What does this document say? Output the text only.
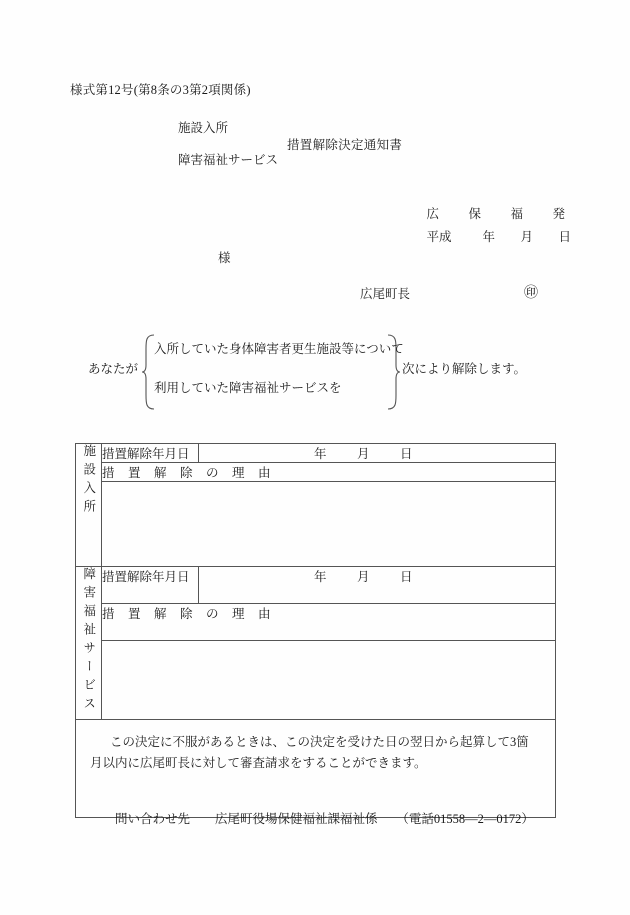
様式第12号(第8条の3第2項関係)
施設入所
障害福祉サービス
措置解除決定通知書

広 保 福 発

平成 年 月 日

様
広尾町長	㊞
あなたが
入所していた身体障害者更生施設等について
利用していた障害福祉サービスを
次により解除します。
施設入所	措置解除年月日	年 月 日
	措　置　解　除　の　理　由	

障害福祉サービス	措置解除年月日	年 月 日
	措　置　解　除　の　理　由	

この決定に不服があるときは、この決定を受けた日の翌日から起算して3箇月以内に広尾町長に対して審査請求をすることができます。

問い合わせ先　　 広尾町役場保健福祉課福祉係　　 （電話01558—2—0172）
